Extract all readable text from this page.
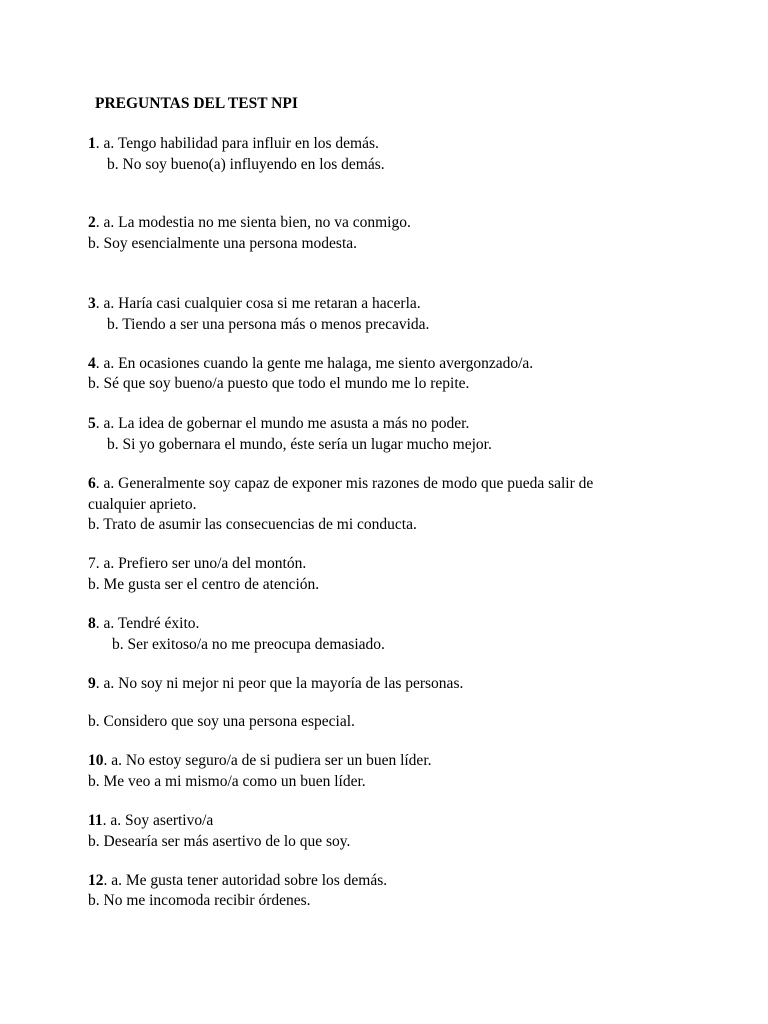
PREGUNTAS DEL TEST NPI
1. a. Tengo habilidad para influir en los demás.
b. No soy bueno(a) influyendo en los demás.
2. a. La modestia no me sienta bien, no va conmigo.
b. Soy esencialmente una persona modesta.
3. a. Haría casi cualquier cosa si me retaran a hacerla.
b. Tiendo a ser una persona más o menos precavida.
4. a. En ocasiones cuando la gente me halaga, me siento avergonzado/a.
b. Sé que soy bueno/a puesto que todo el mundo me lo repite.
5. a. La idea de gobernar el mundo me asusta a más no poder.
b. Si yo gobernara el mundo, éste sería un lugar mucho mejor.
6. a. Generalmente soy capaz de exponer mis razones de modo que pueda salir de
cualquier aprieto.
b. Trato de asumir las consecuencias de mi conducta.
7. a. Prefiero ser uno/a del montón.
b. Me gusta ser el centro de atención.
8. a. Tendré éxito.
b. Ser exitoso/a no me preocupa demasiado.
9. a. No soy ni mejor ni peor que la mayoría de las personas.
b. Considero que soy una persona especial.
10. a. No estoy seguro/a de si pudiera ser un buen líder.
b. Me veo a mi mismo/a como un buen líder.
11. a. Soy asertivo/a
b. Desearía ser más asertivo de lo que soy.
12. a. Me gusta tener autoridad sobre los demás.
b. No me incomoda recibir órdenes.
